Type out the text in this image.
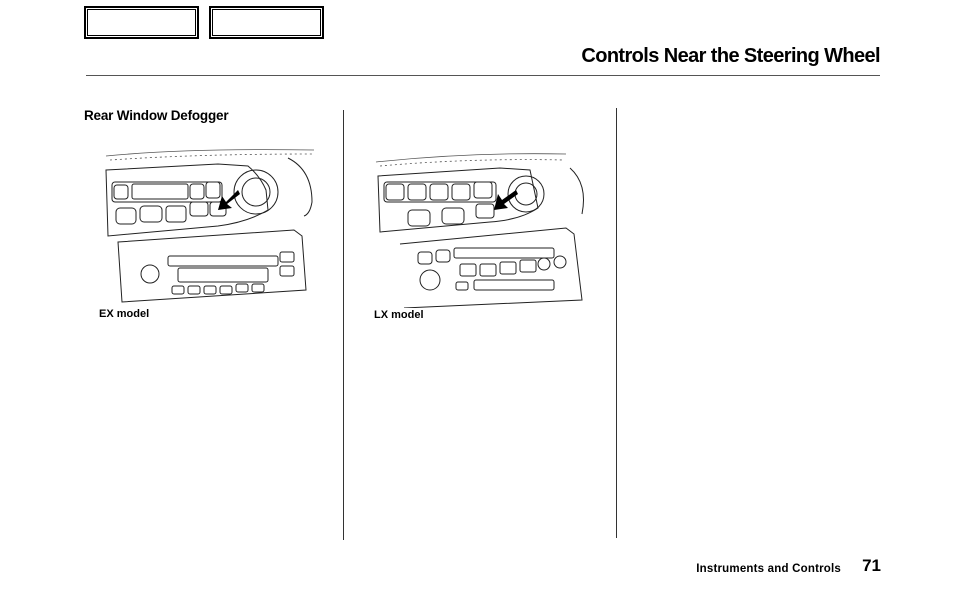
Controls Near the Steering Wheel
Rear Window Defogger
EX model	LX model
Instruments and Controls 71
